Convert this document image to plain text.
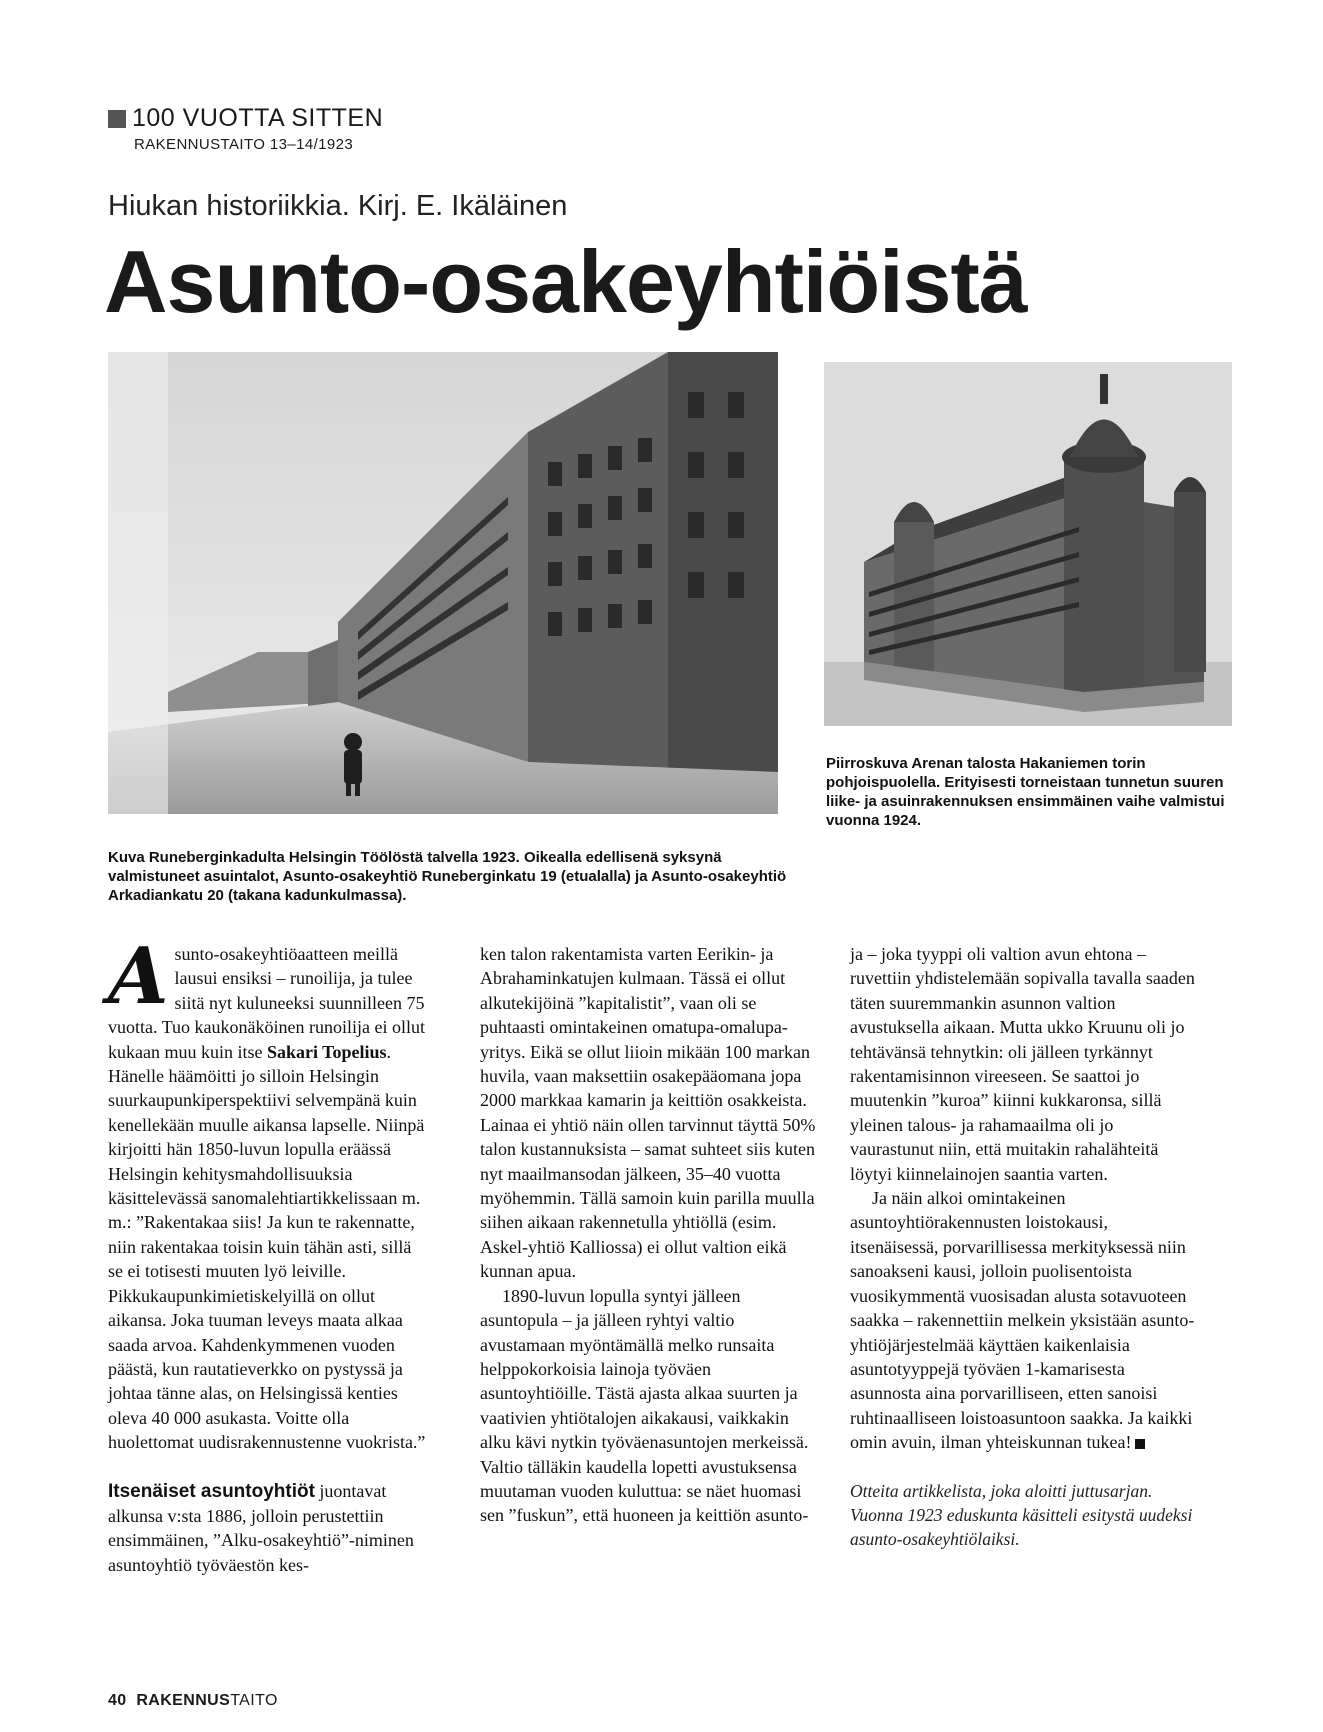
100 VUOTTA SITTEN
RAKENNUSTAITO 13–14/1923
Hiukan historiikkia. Kirj. E. Ikäläinen
Asunto-osakeyhtiöistä
Kuva Runeberginkadulta Helsingin Töölöstä talvella 1923. Oikealla edellisenä syksynä valmistuneet asuintalot, Asunto-osakeyhtiö Runeberginkatu 19 (etualalla) ja Asunto-osakeyhtiö Arkadiankatu 20 (takana kadunkulmassa).
Piirroskuva Arenan talosta Hakaniemen torin pohjoispuolella. Erityisesti torneistaan tunnetun suuren liike- ja asuinrakennuksen ensimmäinen vaihe valmistui vuonna 1924.

Asunto-osakeyhtiöaatteen meillä lausui ensiksi – runoilija, ja tulee siitä nyt kuluneeksi suunnilleen 75 vuotta. Tuo kaukonäköinen runoilija ei ollut kukaan muu kuin itse Sakari Topelius. Hänelle häämöitti jo silloin Helsingin suurkaupunkiperspektiivi selvempänä kuin kenellekään muulle aikansa lapselle. Niinpä kirjoitti hän 1850-luvun lopulla eräässä Helsingin kehitysmahdollisuuksia käsittelevässä sanomalehtiartikkelissaan m. m.: ”Rakentakaa siis! Ja kun te rakennatte, niin rakentakaa toisin kuin tähän asti, sillä se ei totisesti muuten lyö leiville. Pikkukaupunkimietiskelyillä on ollut aikansa. Joka tuuman leveys maata alkaa saada arvoa. Kahdenkymmenen vuoden päästä, kun rautatieverkko on pystyssä ja johtaa tänne alas, on Helsingissä kenties oleva 40 000 asukasta. Voitte olla huolettomat uudisrakennustenne vuokrista.”

Itsenäiset asuntoyhtiöt juontavat alkunsa v:sta 1886, jolloin perustettiin ensimmäinen, ”Alku-osakeyhtiö”-niminen asuntoyhtiö työväestön kes-

ken talon rakentamista varten Eerikin- ja Abrahaminkatujen kulmaan. Tässä ei ollut alkutekijöinä ”kapitalistit”, vaan oli se puhtaasti omintakeinen omatupa-omalupa-yritys. Eikä se ollut liioin mikään 100 markan huvila, vaan maksettiin osakepääomana jopa 2000 markkaa kamarin ja keittiön osakkeista. Lainaa ei yhtiö näin ollen tarvinnut täyttä 50% talon kustannuksista – samat suhteet siis kuten nyt maailmansodan jälkeen, 35–40 vuotta myöhemmin. Tällä samoin kuin parilla muulla siihen aikaan rakennetulla yhtiöllä (esim. Askel-yhtiö Kalliossa) ei ollut valtion eikä kunnan apua.

1890-luvun lopulla syntyi jälleen asuntopula – ja jälleen ryhtyi valtio avustamaan myöntämällä melko runsaita helppokorkoisia lainoja työväen asuntoyhtiöille. Tästä ajasta alkaa suurten ja vaativien yhtiötalojen aikakausi, vaikkakin alku kävi nytkin työväenasuntojen merkeissä. Valtio tälläkin kaudella lopetti avustuksensa muutaman vuoden kuluttua: se näet huomasi sen ”fuskun”, että huoneen ja keittiön asunto-

ja – joka tyyppi oli valtion avun ehtona – ruvettiin yhdistelemään sopivalla tavalla saaden täten suuremmankin asunnon valtion avustuksella aikaan. Mutta ukko Kruunu oli jo tehtävänsä tehnytkin: oli jälleen tyrkännyt rakentamisinnon vireeseen. Se saattoi jo muutenkin ”kuroa” kiinni kukkaronsa, sillä yleinen talous- ja rahamaailma oli jo vaurastunut niin, että muitakin rahalähteitä löytyi kiinnelainojen saantia varten.

Ja näin alkoi omintakeinen asuntoyhtiörakennusten loistokausi, itsenäisessä, porvarillisessa merkityksessä niin sanoakseni kausi, jolloin puolisentoista vuosikymmentä vuosisadan alusta sotavuoteen saakka – rakennettiin melkein yksistään asunto-yhtiöjärjestelmää käyttäen kaikenlaisia asuntotyyppejä työväen 1-kamarisesta asunnosta aina porvarilliseen, etten sanoisi ruhtinaalliseen loistoasuntoon saakka. Ja kaikki omin avuin, ilman yhteiskunnan tukea!

Otteita artikkelista, joka aloitti juttusarjan. Vuonna 1923 eduskunta käsitteli esitystä uudeksi asunto-osakeyhtiölaiksi.

40 RAKENNUSTAITO
